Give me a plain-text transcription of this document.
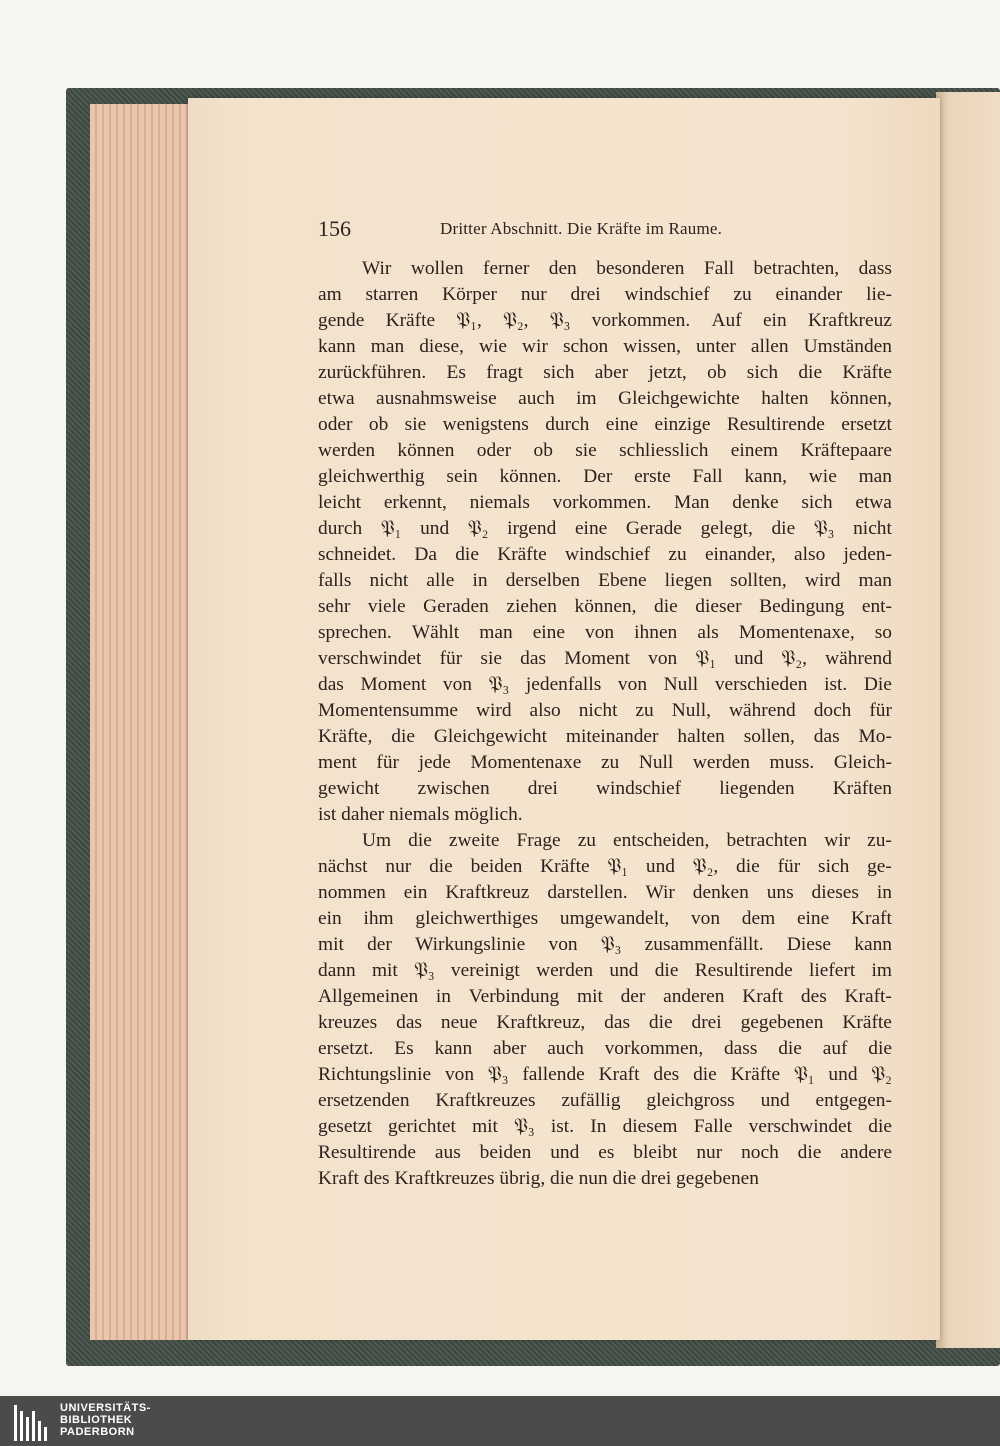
156	Dritter Abschnitt. Die Kräfte im Raume.
Wir wollen ferner den besonderen Fall betrachten, dass
am starren Körper nur drei windschief zu einander lie-
gende Kräfte 𝔓₁, 𝔓₂, 𝔓₃ vorkommen. Auf ein Kraftkreuz
kann man diese, wie wir schon wissen, unter allen Umständen
zurückführen. Es fragt sich aber jetzt, ob sich die Kräfte
etwa ausnahmsweise auch im Gleichgewichte halten können,
oder ob sie wenigstens durch eine einzige Resultirende ersetzt
werden können oder ob sie schliesslich einem Kräftepaare
gleichwerthig sein können. Der erste Fall kann, wie man
leicht erkennt, niemals vorkommen. Man denke sich etwa
durch 𝔓₁ und 𝔓₂ irgend eine Gerade gelegt, die 𝔓₃ nicht
schneidet. Da die Kräfte windschief zu einander, also jeden-
falls nicht alle in derselben Ebene liegen sollten, wird man
sehr viele Geraden ziehen können, die dieser Bedingung ent-
sprechen. Wählt man eine von ihnen als Momentenaxe, so
verschwindet für sie das Moment von 𝔓₁ und 𝔓₂, während
das Moment von 𝔓₃ jedenfalls von Null verschieden ist. Die
Momentensumme wird also nicht zu Null, während doch für
Kräfte, die Gleichgewicht miteinander halten sollen, das Mo-
ment für jede Momentenaxe zu Null werden muss. Gleich-
gewicht zwischen drei windschief liegenden Kräften
ist daher niemals möglich.
Um die zweite Frage zu entscheiden, betrachten wir zu-
nächst nur die beiden Kräfte 𝔓₁ und 𝔓₂, die für sich ge-
nommen ein Kraftkreuz darstellen. Wir denken uns dieses in
ein ihm gleichwerthiges umgewandelt, von dem eine Kraft
mit der Wirkungslinie von 𝔓₃ zusammenfällt. Diese kann
dann mit 𝔓₃ vereinigt werden und die Resultirende liefert im
Allgemeinen in Verbindung mit der anderen Kraft des Kraft-
kreuzes das neue Kraftkreuz, das die drei gegebenen Kräfte
ersetzt. Es kann aber auch vorkommen, dass die auf die
Richtungslinie von 𝔓₃ fallende Kraft des die Kräfte 𝔓₁ und 𝔓₂
ersetzenden Kraftkreuzes zufällig gleichgross und entgegen-
gesetzt gerichtet mit 𝔓₃ ist. In diesem Falle verschwindet die
Resultirende aus beiden und es bleibt nur noch die andere
Kraft des Kraftkreuzes übrig, die nun die drei gegebenen
UNIVERSITÄTS-
BIBLIOTHEK
PADERBORN
